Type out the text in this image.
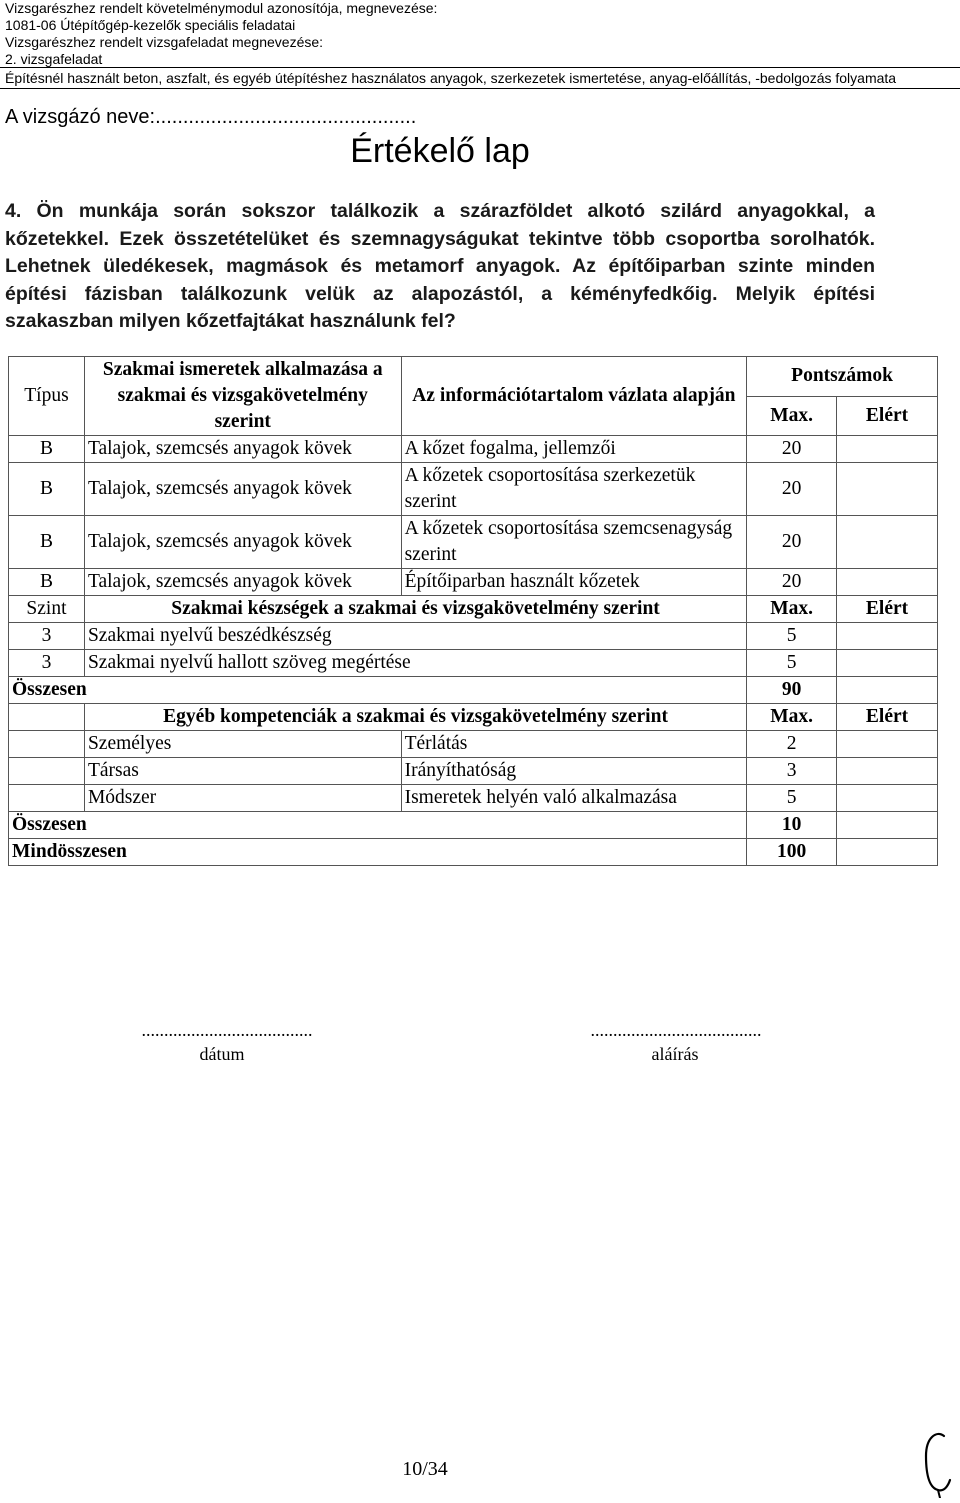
Vizsgarészhez rendelt követelménymodul azonosítója, megnevezése:
1081-06 Útépítőgép-kezelők speciális feladatai
Vizsgarészhez rendelt vizsgafeladat megnevezése:
2. vizsgafeladat
Építésnél használt beton, aszfalt, és egyéb útépítéshez használatos anyagok, szerkezetek ismertetése, anyag-előállítás, -bedolgozás folyamata
A vizsgázó neve:...............................................
Értékelő lap
4. Ön munkája során sokszor találkozik a szárazföldet alkotó szilárd anyagokkal, a kőzetekkel. Ezek összetételüket és szemnagyságukat tekintve több csoportba sorolhatók. Lehetnek üledékesek, magmások és metamorf anyagok. Az építőiparban szinte minden építési fázisban találkozunk velük az alapozástól, a kéményfedkőig. Melyik építési szakaszban milyen kőzetfajtákat használunk fel?
Típus	Szakmai ismeretek alkalmazása a szakmai és vizsgakövetelmény szerint	Az információtartalom vázlata alapján	Pontszámok	
			Max.	Elért
B	Talajok, szemcsés anyagok kövek	A kőzet fogalma, jellemzői	20	
B	Talajok, szemcsés anyagok kövek	A kőzetek csoportosítása szerkezetük szerint	20	
B	Talajok, szemcsés anyagok kövek	A kőzetek csoportosítása szemcsenagyság szerint	20	
B	Talajok, szemcsés anyagok kövek	Építőiparban használt kőzetek	20	
Szint	Szakmai készségek a szakmai és vizsgakövetelmény szerint		Max.	Elért
3	Szakmai nyelvű beszédkészség		5	
3	Szakmai nyelvű hallott szöveg megértése		5	
Összesen			90	
	Egyéb kompetenciák a szakmai és vizsgakövetelmény szerint		Max.	Elért
	Személyes	Térlátás	2	
	Társas	Irányíthatóság	3	
	Módszer	Ismeretek helyén való alkalmazása	5	
Összesen			10	
Mindösszesen			100	
......................................
dátum
......................................
aláírás
10/34
